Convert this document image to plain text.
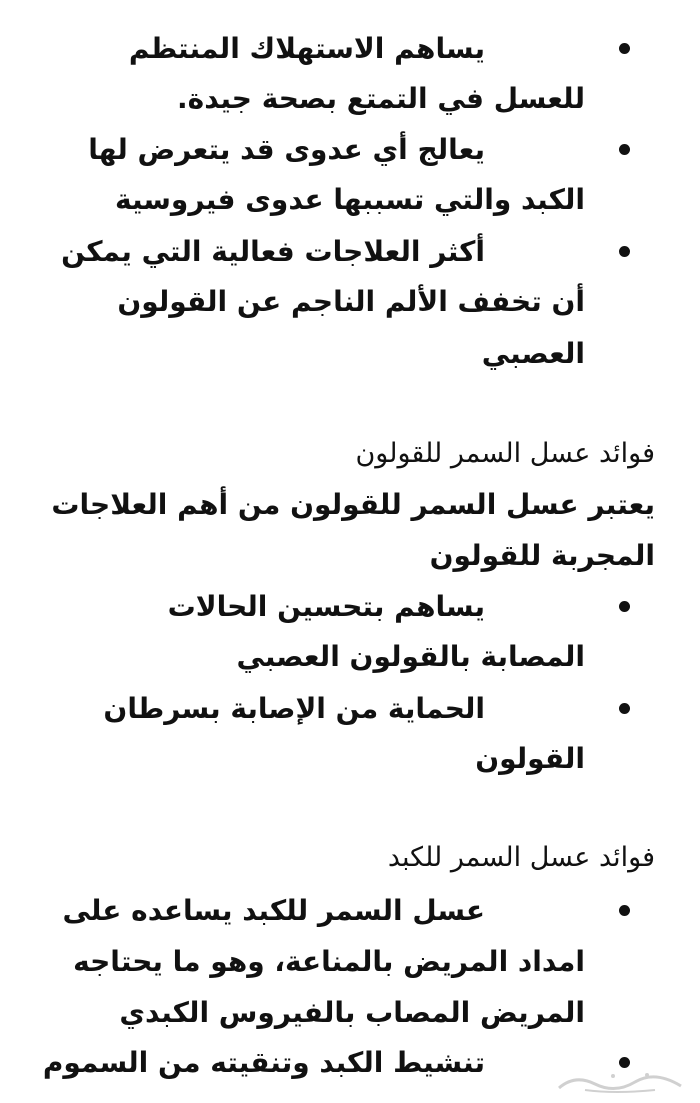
يساهم الاستهلاك المنتظم
للعسل في التمتع بصحة جيدة.
يعالج أي عدوى قد يتعرض لها
الكبد والتي تسببها عدوى فيروسية
أكثر العلاجات فعالية التي يمكن
أن تخفف الألم الناجم عن القولون
العصبي
فوائد عسل السمر للقولون
يعتبر عسل السمر للقولون من أهم العلاجات
المجربة للقولون
يساهم بتحسين الحالات
المصابة بالقولون العصبي
الحماية من الإصابة بسرطان
القولون
فوائد عسل السمر للكبد
عسل السمر للكبد يساعده على
امداد المريض بالمناعة، وهو ما يحتاجه
المريض المصاب بالفيروس الكبدي
تنشيط الكبد وتنقيته من السموم
